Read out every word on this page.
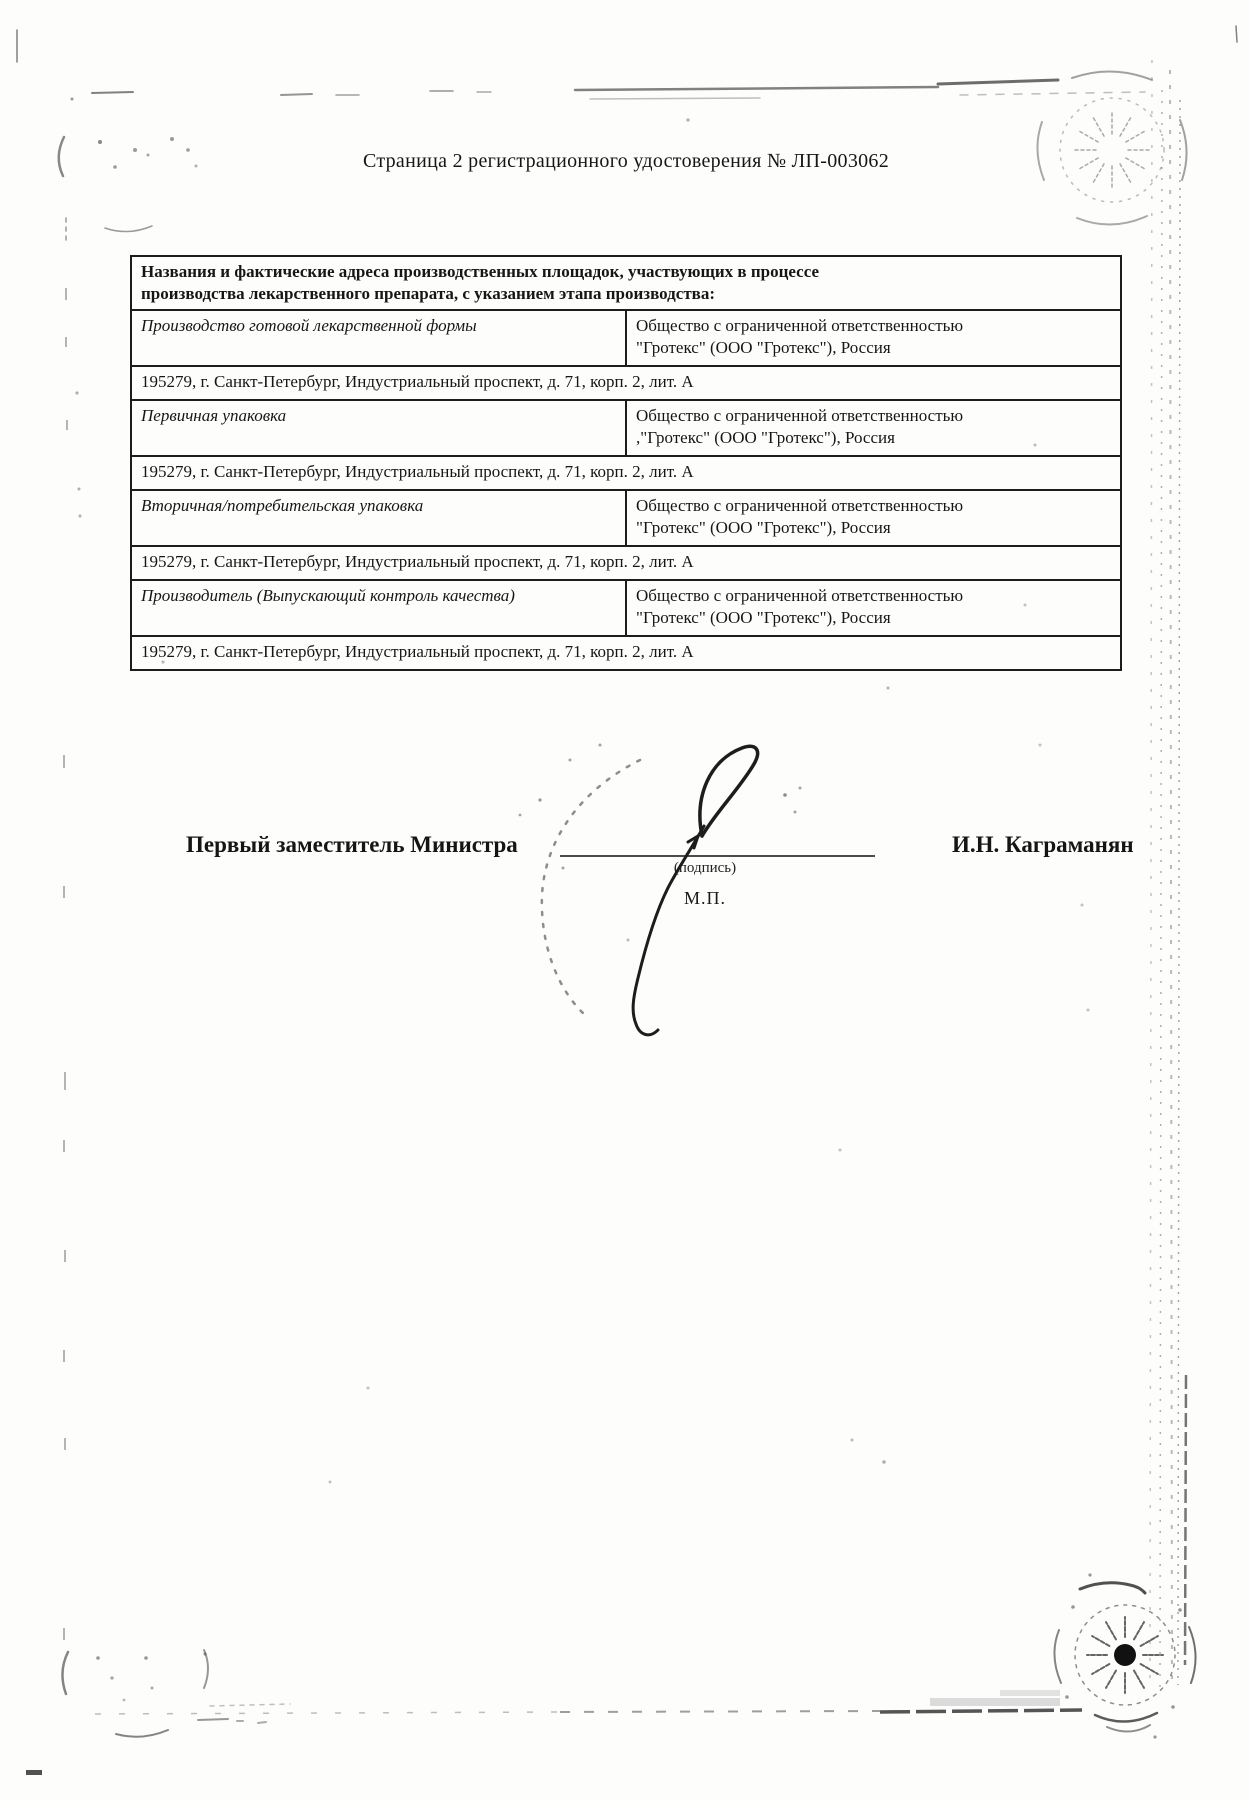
Страница 2 регистрационного удостоверения № ЛП-003062
Названия и фактические адреса производственных площадок, участвующих в процессе
производства лекарственного препарата, с указанием этапа производства:	

Производство готовой лекарственной формы	Общество с ограниченной ответственностью
"Гротекс" (ООО "Гротекс"), Россия

195279, г. Санкт-Петербург, Индустриальный проспект, д. 71, корп. 2, лит. А	
Первичная упаковка	Общество с ограниченной ответственностью
,"Гротекс" (ООО "Гротекс"), Россия

195279, г. Санкт-Петербург, Индустриальный проспект, д. 71, корп. 2, лит. А	
Вторичная/потребительская упаковка	Общество с ограниченной ответственностью
"Гротекс" (ООО "Гротекс"), Россия

195279, г. Санкт-Петербург, Индустриальный проспект, д. 71, корп. 2, лит. А	
Производитель (Выпускающий контроль качества)	Общество с ограниченной ответственностью
"Гротекс" (ООО "Гротекс"), Россия

195279, г. Санкт-Петербург, Индустриальный проспект, д. 71, корп. 2, лит. А	
Первый заместитель Министра
(подпись)
М.П.
И.Н. Каграманян
